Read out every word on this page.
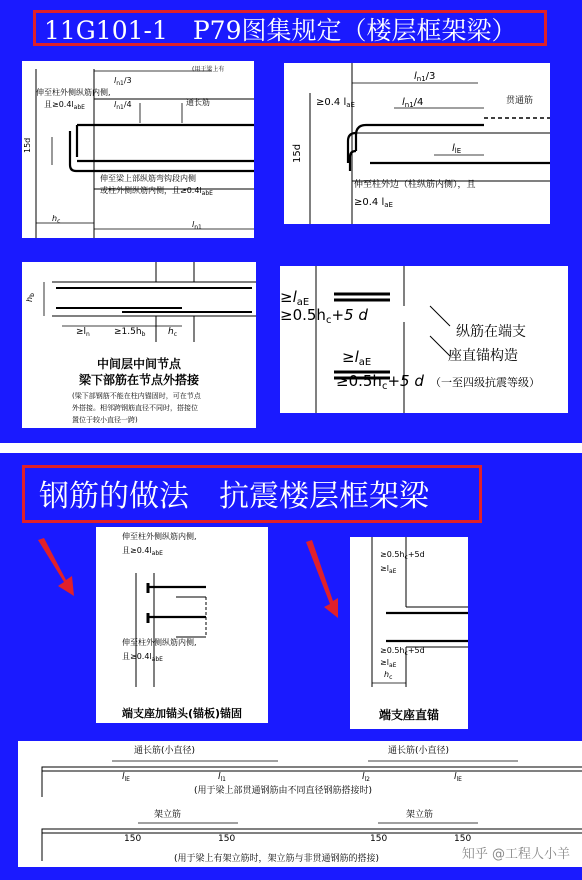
11G101-1　P79图集规定（楼层框架梁）
$l_{n1}/3$
(用于梁上有
伸至柱外侧纵筋内侧,
且$\ge 0.4l_{abE}$	$l_{n1}/4$	通长筋
15d
伸至梁上部纵筋弯钩段内侧
或柱外侧纵筋内侧，且$\ge 0.4l_{abE}$
$h_c$	$l_{n1}$
$l_{n1}/3$
≥0.4 $l_{aE}$	$l_{n1}/4$	贯通筋
15d	$l_{lE}$
伸至柱外边（柱纵筋内侧），且
≥0.4 $l_{aE}$
$h_b$
$\ge l_n$	$\ge 1.5h_b$	$h_c$
中间层中间节点
梁下部筋在节点外搭接
(梁下部钢筋不能在柱内锚固时，可在节点
外搭接。相邻跨钢筋直径不同时，搭接位
置位于较小直径一跨)
$\ge l_{aE}$
$\ge 0.5h_c+5$ d
$\ge l_{aE}$
$\ge 0.5h_c+5$ d
纵筋在端支
座直锚构造
（一至四级抗震等级）
钢筋的做法　抗震楼层框架梁
伸至柱外侧纵筋内侧,
且$\ge 0.4l_{abE}$
伸至柱外侧纵筋内侧,
且$\ge 0.4l_{abE}$
端支座加锚头(锚板)锚固
$\ge 0.5h_c+5d$
$\ge l_{aE}$
$\ge 0.5h_c+5d$
$\ge l_{aE}$
$h_c$
端支座直锚
通长筋(小直径)	通长筋(小直径)
$l_{lE}$	$l_{l1}$	$l_{l2}$	$l_{lE}$
(用于梁上部贯通钢筋由不同直径钢筋搭接时)
架立筋	架立筋
150	150	150	150
(用于梁上有架立筋时，架立筋与非贯通钢筋的搭接)	知乎 @工程人小羊
